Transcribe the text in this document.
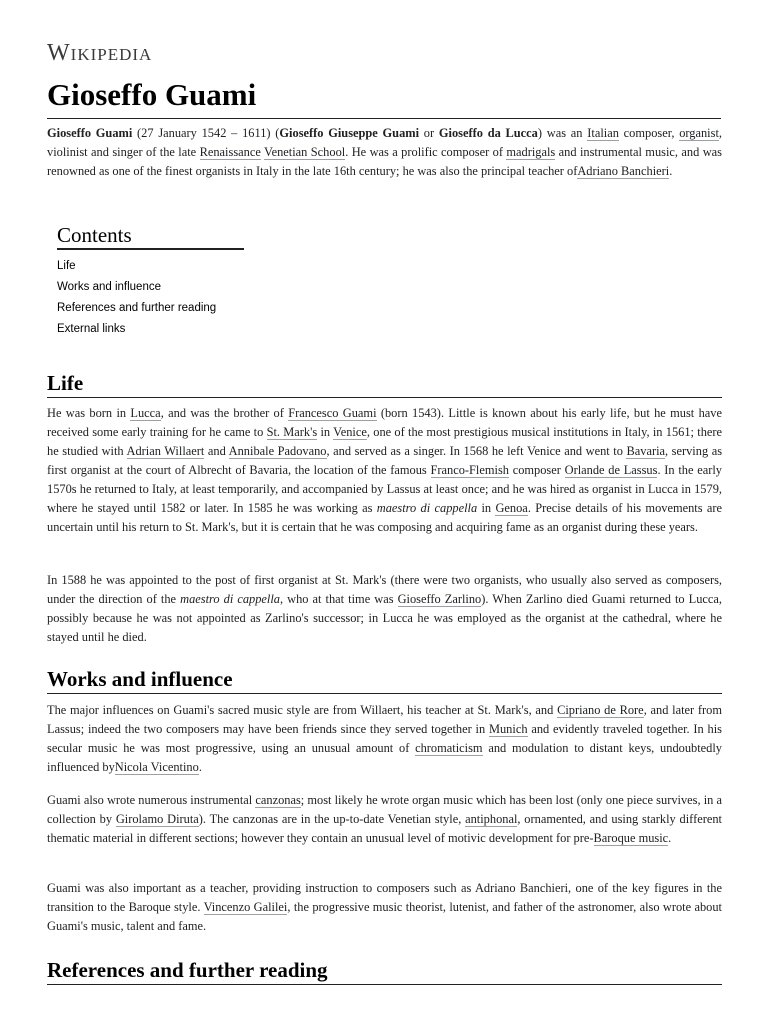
Wikipedia
Gioseffo Guami

Gioseffo Guami (27 January 1542 – 1611) (Gioseffo Giuseppe Guami or Gioseffo da Lucca) was an Italian composer, organist, violinist and singer of the late Renaissance Venetian School. He was a prolific composer of madrigals and instrumental music, and was renowned as one of the finest organists in Italy in the late 16th century; he was also the principal teacher ofAdriano Banchieri.

Contents
Life
Works and influence
References and further reading
External links
Life

He was born in Lucca, and was the brother of Francesco Guami (born 1543). Little is known about his early life, but he must have received some early training for he came to St. Mark's in Venice, one of the most prestigious musical institutions in Italy, in 1561; there he studied with Adrian Willaert and Annibale Padovano, and served as a singer. In 1568 he left Venice and went to Bavaria, serving as first organist at the court of Albrecht of Bavaria, the location of the famous Franco-Flemish composer Orlande de Lassus. In the early 1570s he returned to Italy, at least temporarily, and accompanied by Lassus at least once; and he was hired as organist in Lucca in 1579, where he stayed until 1582 or later. In 1585 he was working as maestro di cappella in Genoa. Precise details of his movements are uncertain until his return to St. Mark's, but it is certain that he was composing and acquiring fame as an organist during these years.

In 1588 he was appointed to the post of first organist at St. Mark's (there were two organists, who usually also served as composers, under the direction of the maestro di cappella, who at that time was Gioseffo Zarlino). When Zarlino died Guami returned to Lucca, possibly because he was not appointed as Zarlino's successor; in Lucca he was employed as the organist at the cathedral, where he stayed until he died.

Works and influence

The major influences on Guami's sacred music style are from Willaert, his teacher at St. Mark's, and Cipriano de Rore, and later from Lassus; indeed the two composers may have been friends since they served together in Munich and evidently traveled together. In his secular music he was most progressive, using an unusual amount of chromaticism and modulation to distant keys, undoubtedly influenced byNicola Vicentino.

Guami also wrote numerous instrumental canzonas; most likely he wrote organ music which has been lost (only one piece survives, in a collection by Girolamo Diruta). The canzonas are in the up-to-date Venetian style, antiphonal, ornamented, and using starkly different thematic material in different sections; however they contain an unusual level of motivic development for pre-Baroque music.

Guami was also important as a teacher, providing instruction to composers such as Adriano Banchieri, one of the key figures in the transition to the Baroque style. Vincenzo Galilei, the progressive music theorist, lutenist, and father of the astronomer, also wrote about Guami's music, talent and fame.

References and further reading
